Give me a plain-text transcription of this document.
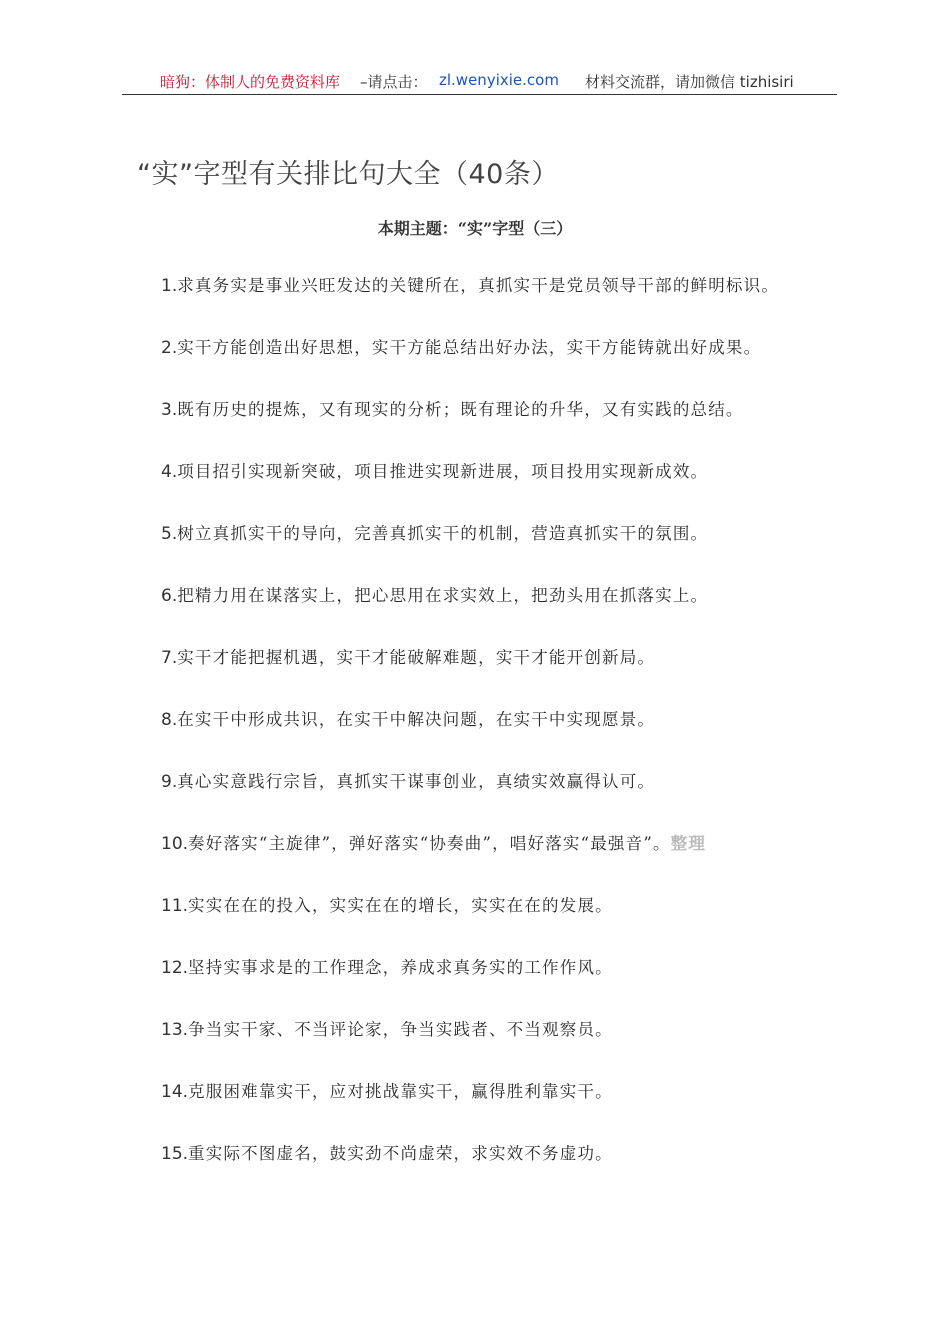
暗狗：体制人的免费资料库 –请点击： zl.wenyixie.com 材料交流群，请加微信 tizhisiri
“实”字型有关排比句大全（40条）
本期主题：“实”字型（三）
1.求真务实是事业兴旺发达的关键所在，真抓实干是党员领导干部的鲜明标识。
2.实干方能创造出好思想，实干方能总结出好办法，实干方能铸就出好成果。
3.既有历史的提炼，又有现实的分析；既有理论的升华，又有实践的总结。
4.项目招引实现新突破，项目推进实现新进展，项目投用实现新成效。
5.树立真抓实干的导向，完善真抓实干的机制，营造真抓实干的氛围。
6.把精力用在谋落实上，把心思用在求实效上，把劲头用在抓落实上。
7.实干才能把握机遇，实干才能破解难题，实干才能开创新局。
8.在实干中形成共识，在实干中解决问题，在实干中实现愿景。
9.真心实意践行宗旨，真抓实干谋事创业，真绩实效赢得认可。
10.奏好落实“主旋律”，弹好落实“协奏曲”，唱好落实“最强音”。整理
11.实实在在的投入，实实在在的增长，实实在在的发展。
12.坚持实事求是的工作理念，养成求真务实的工作作风。
13.争当实干家、不当评论家，争当实践者、不当观察员。
14.克服困难靠实干，应对挑战靠实干，赢得胜利靠实干。
15.重实际不图虚名，鼓实劲不尚虚荣，求实效不务虚功。
